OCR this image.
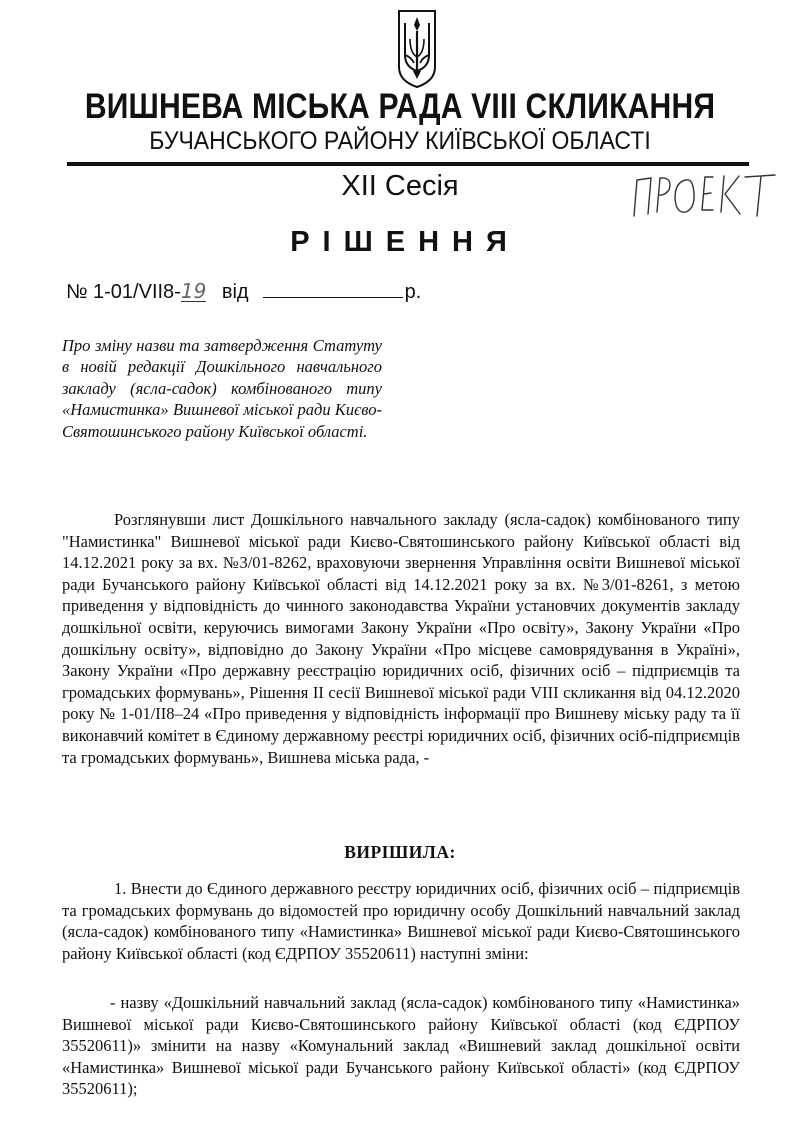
ВИШНЕВА МІСЬКА РАДА VIII СКЛИКАННЯ
БУЧАНСЬКОГО РАЙОНУ КИЇВСЬКОЇ ОБЛАСТІ
XII Сесія
РІШЕННЯ
№ 1-01/VІІ8-19 від	р.
Про зміну назви та затвердження Статуту в новій редакції Дошкільного навчального закладу (ясла-садок) комбінованого типу «Намистинка» Вишневої міської ради Києво-Святошинського району Київської області.
Розглянувши лист Дошкільного навчального закладу (ясла-садок) комбінованого типу "Намистинка" Вишневої міської ради Києво-Святошинського району Київської області від 14.12.2021 року за вх. №3/01-8262, враховуючи звернення Управління освіти Вишневої міської ради Бучанського району Київської області від 14.12.2021 року за вх. №3/01-8261, з метою приведення у відповідність до чинного законодавства України установчих документів закладу дошкільної освіти, керуючись вимогами Закону України «Про освіту», Закону України «Про дошкільну освіту», відповідно до Закону України «Про місцеве самоврядування в Україні», Закону України «Про державну реєстрацію юридичних осіб, фізичних осіб – підприємців та громадських формувань», Рішення ІІ сесії Вишневої міської ради VIII скликання від 04.12.2020 року № 1-01/ІІ8–24 «Про приведення у відповідність інформації про Вишневу міську раду та її виконавчий комітет в Єдиному державному реєстрі юридичних осіб, фізичних осіб-підприємців та громадських формувань», Вишнева міська рада, -
ВИРІШИЛА:
1. Внести до Єдиного державного реєстру юридичних осіб, фізичних осіб – підприємців та громадських формувань до відомостей про юридичну особу Дошкільний навчальний заклад (ясла-садок) комбінованого типу «Намистинка» Вишневої міської ради Києво-Святошинського району Київської області (код ЄДРПОУ 35520611) наступні зміни:
- назву «Дошкільний навчальний заклад (ясла-садок) комбінованого типу «Намистинка» Вишневої міської ради Києво-Святошинського району Київської області (код ЄДРПОУ 35520611)» змінити на назву «Комунальний заклад «Вишневий заклад дошкільної освіти «Намистинка» Вишневої міської ради Бучанського району Київської області» (код ЄДРПОУ 35520611);
